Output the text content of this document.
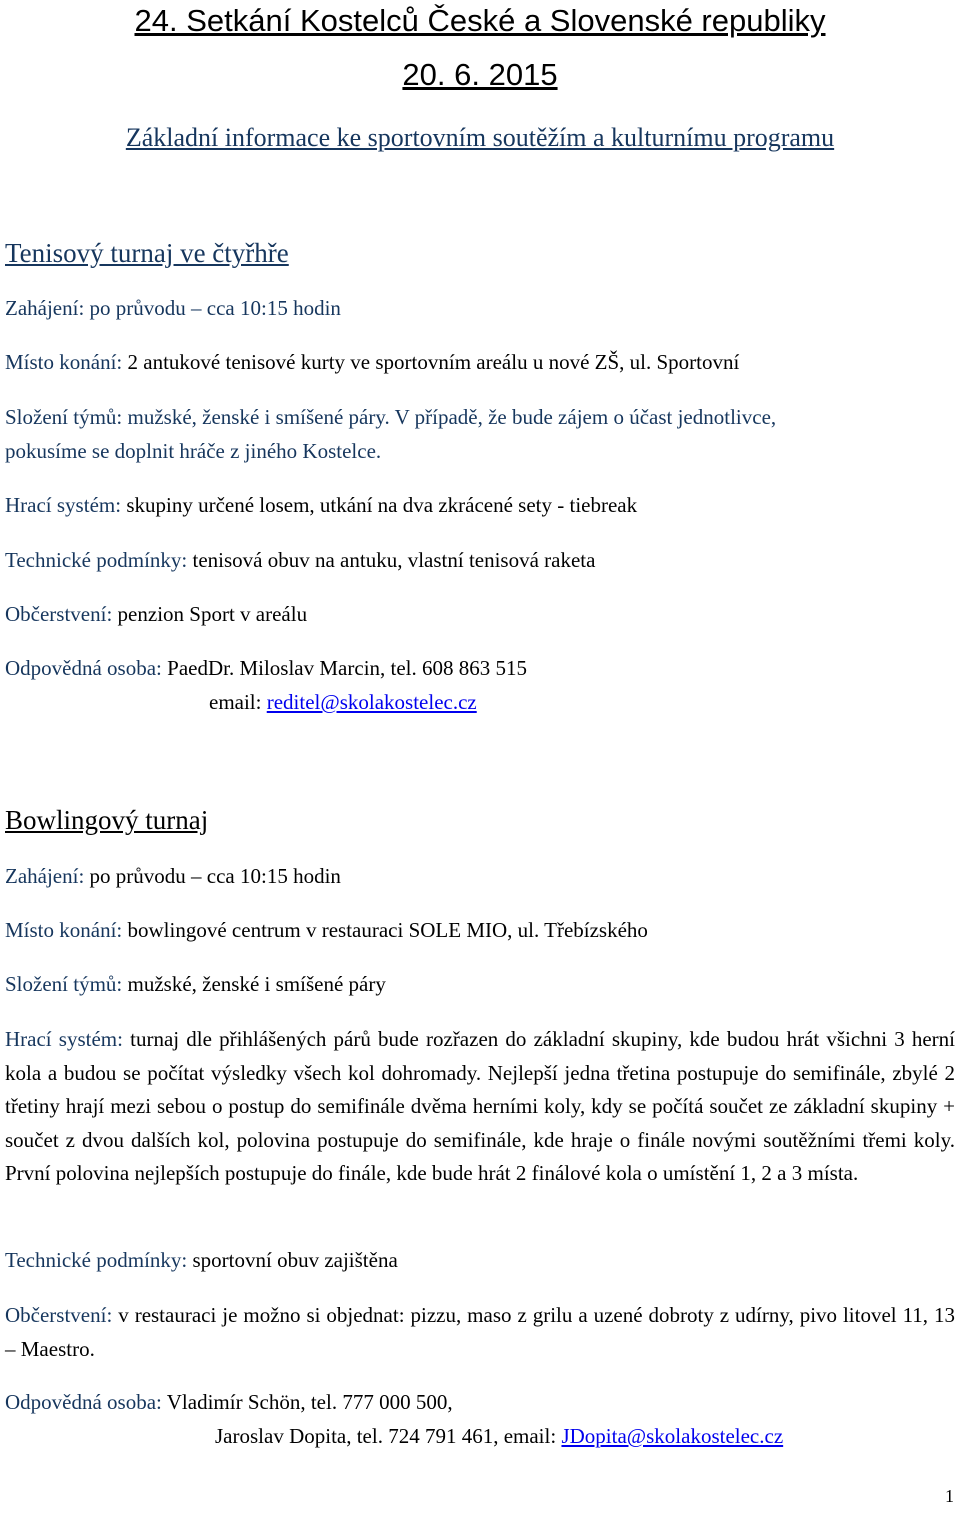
24. Setkání Kostelců České a Slovenské republiky
20. 6. 2015
Základní informace ke sportovním soutěžím a kulturnímu programu
Tenisový turnaj ve čtyřhře
Zahájení: po průvodu – cca 10:15 hodin
Místo konání: 2 antukové tenisové kurty ve sportovním areálu u nové ZŠ, ul. Sportovní
Složení týmů: mužské, ženské i smíšené páry. V případě, že bude zájem o účast jednotlivce,
pokusíme se doplnit hráče z jiného Kostelce.
Hrací systém: skupiny určené losem, utkání na dva zkrácené sety - tiebreak
Technické podmínky: tenisová obuv na antuku, vlastní tenisová raketa
Občerstvení: penzion Sport v areálu
Odpovědná osoba: PaedDr. Miloslav Marcin, tel. 608 863 515
email: reditel@skolakostelec.cz
Bowlingový turnaj
Zahájení: po průvodu – cca 10:15 hodin
Místo konání: bowlingové centrum v restauraci SOLE MIO, ul. Třebízského
Složení týmů: mužské, ženské i smíšené páry
Hrací systém: turnaj dle přihlášených párů bude rozřazen do základní skupiny, kde budou hrát všichni 3 herní kola a budou se počítat výsledky všech kol dohromady. Nejlepší jedna třetina postupuje do semifinále, zbylé 2 třetiny hrají mezi sebou o postup do semifinále dvěma herními koly, kdy se počítá součet ze základní skupiny + součet z dvou dalších kol, polovina postupuje do semifinále, kde hraje o finále novými soutěžními třemi koly. První polovina nejlepších postupuje do finále, kde bude hrát 2 finálové kola o umístění 1, 2 a 3 místa.
Technické podmínky: sportovní obuv zajištěna
Občerstvení: v restauraci je možno si objednat: pizzu, maso z grilu a uzené dobroty z udírny, pivo litovel 11, 13 – Maestro.
Odpovědná osoba: Vladimír Schön, tel. 777 000 500,
Jaroslav Dopita, tel. 724 791 461, email: JDopita@skolakostelec.cz
1
